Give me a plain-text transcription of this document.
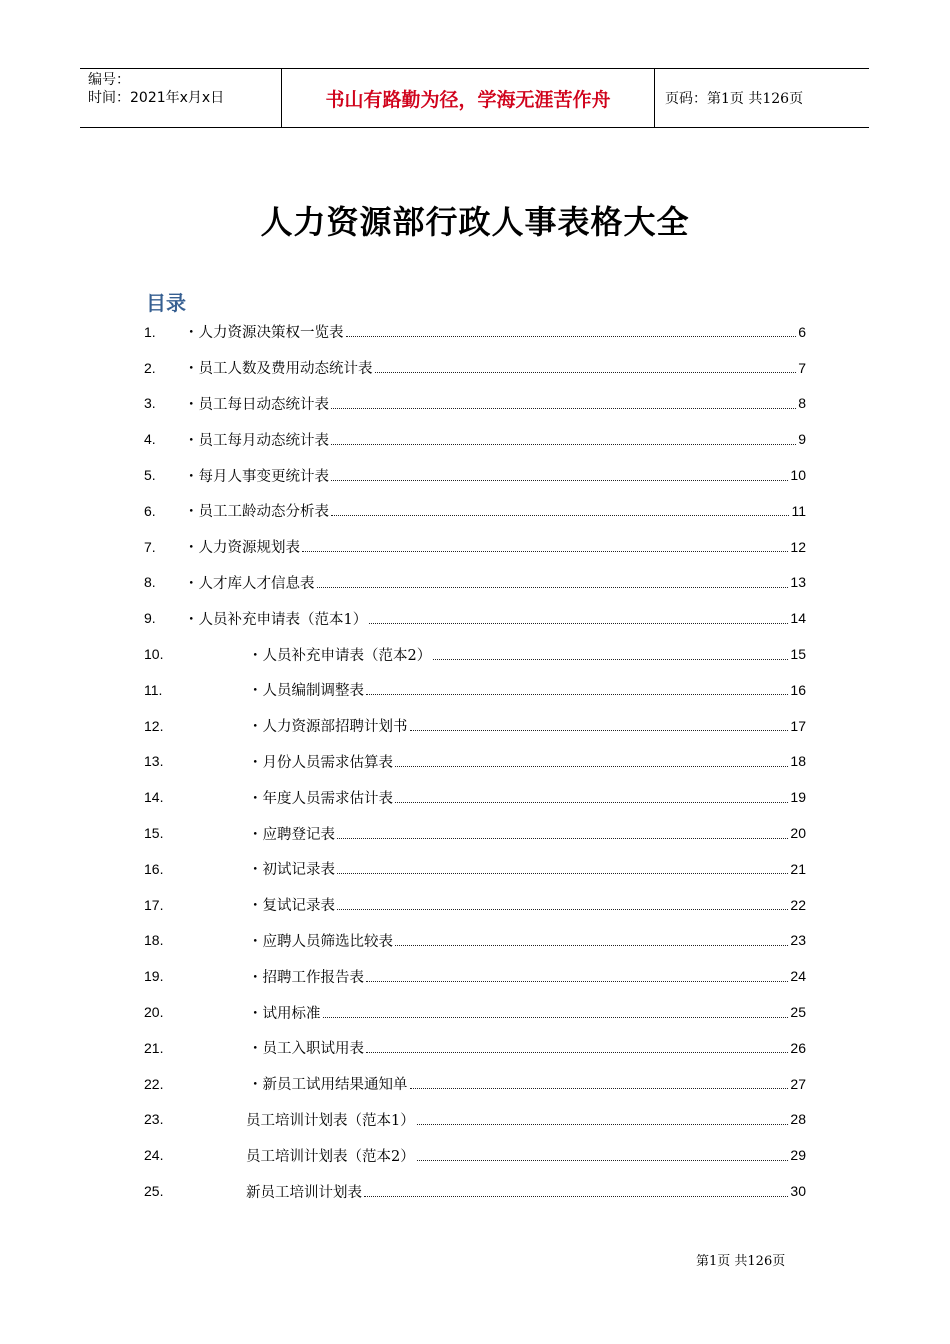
编号：
时间：2021年x月x日	书山有路勤为径，学海无涯苦作舟	页码：第1页 共126页
人力资源部行政人事表格大全
目录
1.	・人力资源决策权一览表	6
2.	・员工人数及费用动态统计表	7
3.	・员工每日动态统计表	8
4.	・员工每月动态统计表	9
5.	・每月人事变更统计表	10
6.	・员工工龄动态分析表	11
7.	・人力资源规划表	12
8.	・人才库人才信息表	13
9.	・人员补充申请表（范本1）	14
10.	・人员补充申请表（范本2）	15
11.	・人员编制调整表	16
12.	・人力资源部招聘计划书	17
13.	・月份人员需求估算表	18
14.	・年度人员需求估计表	19
15.	・应聘登记表	20
16.	・初试记录表	21
17.	・复试记录表	22
18.	・应聘人员筛选比较表	23
19.	・招聘工作报告表	24
20.	・试用标准	25
21.	・员工入职试用表	26
22.	・新员工试用结果通知单	27
23.	员工培训计划表（范本1）	28
24.	员工培训计划表（范本2）	29
25.	新员工培训计划表	30
第1页 共126页
